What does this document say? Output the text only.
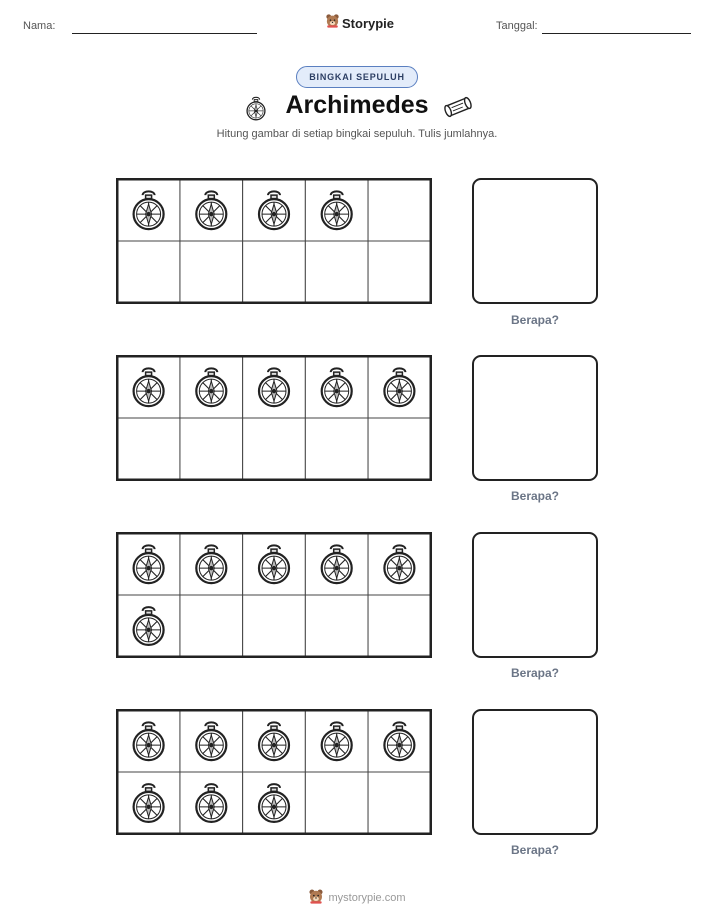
Nama:	Storypie	Tanggal:
BINGKAI SEPULUH
Archimedes
Hitung gambar di setiap bingkai sepuluh. Tulis jumlahnya.
Berapa?
Berapa?
Berapa?
Berapa?
mystorypie.com
